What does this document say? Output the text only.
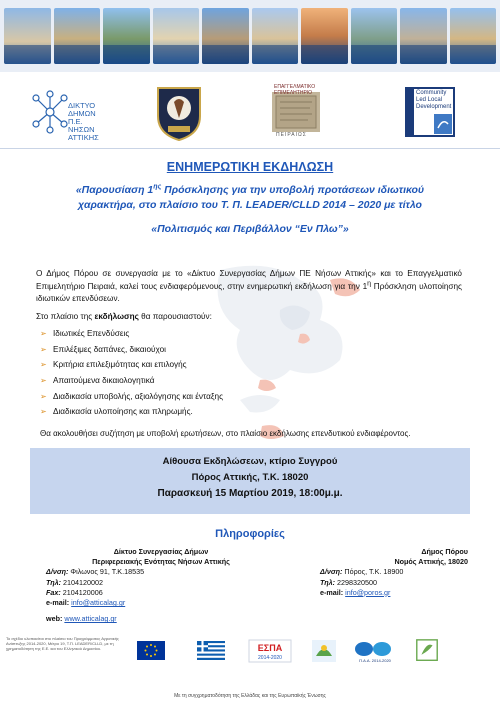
ΔΙΚΤΥΟ ΔΗΜΩΝ Π.Ε. ΝΗΣΩΝ ΑΤΤΙΚΗΣ
ΕΠΑΓΓΕΛΜΑΤΙΚΟ ΕΠΙΜΕΛΗΤΗΡΙΟ
ΠΕΙΡΑΙΩΣ
Community Led Local Development
ΕΝΗΜΕΡΩΤΙΚΗ ΕΚΔΗΛΩΣΗ
«Παρουσίαση $1^{\eta\varsigma}$ Πρόσκλησης για την υποβολή προτάσεων ιδιωτικού
χαρακτήρα, στο πλαίσιο του Τ. Π. LEADER/CLLD 2014 – 2020 με τίτλο
«Πολιτισμός και Περιβάλλον “Εν Πλω”»
Ο Δήμος Πόρου σε συνεργασία με το «Δίκτυο Συνεργασίας Δήμων ΠΕ Νήσων Αττικής» και το Επαγγελματικό Επιμελητήριο Πειραιά, καλεί τους ενδιαφερόμενους, στην ενημερωτική εκδήλωση για την $1^\eta$ Πρόσκληση υλοποίησης ιδιωτικών επενδύσεων.
Στο πλαίσιο της εκδήλωσης θα παρουσιαστούν:
➢ Ιδιωτικές Επενδύσεις
➢ Επιλέξιμες δαπάνες, δικαιούχοι
➢ Κριτήρια επιλεξιμότητας και επιλογής
➢ Απαιτούμενα δικαιολογητικά
➢ Διαδικασία υποβολής, αξιολόγησης και ένταξης
➢ Διαδικασία υλοποίησης και πληρωμής.
Θα ακολουθήσει συζήτηση με υποβολή ερωτήσεων, στο πλαίσιο εκδήλωσης επενδυτικού ενδιαφέροντος.
Αίθουσα Εκδηλώσεων, κτίριο Συγγρού
Πόρος Αττικής, Τ.Κ. 18020
Παρασκευή 15 Μαρτίου 2019, 18:00μ.μ.
Πληροφορίες
Δίκτυο Συνεργασίας Δήμων
Περιφερειακής Ενότητας Νήσων Αττικής
Δ/νση: Φιλωνος 91, Τ.Κ.18535
Τηλ: 2104120002
Fax: 2104120006
e-mail: info@atticalag.gr
web: www.atticalag.gr
Δήμος Πόρου
Νομός Αττικής, 18020
Δ/νση: Πόρος, Τ.Κ. 18900
Τηλ: 2298320500
e-mail: info@poros.gr
Το σχέδιο υλοποιείται στο πλαίσιο του Προγράμματος Αγροτικής Ανάπτυξης 2014-2020, Μέτρο 19, Τ.Π. LEADER/CLLD, με τη χρηματοδότηση της Ε.Ε. και του Ελληνικού Δημοσίου.	ΕΣΠΑ
2014-2020	Π.Α.Α. 2014-2020
Με τη συγχρηματοδότηση της Ελλάδας και της Ευρωπαϊκής Ένωσης
